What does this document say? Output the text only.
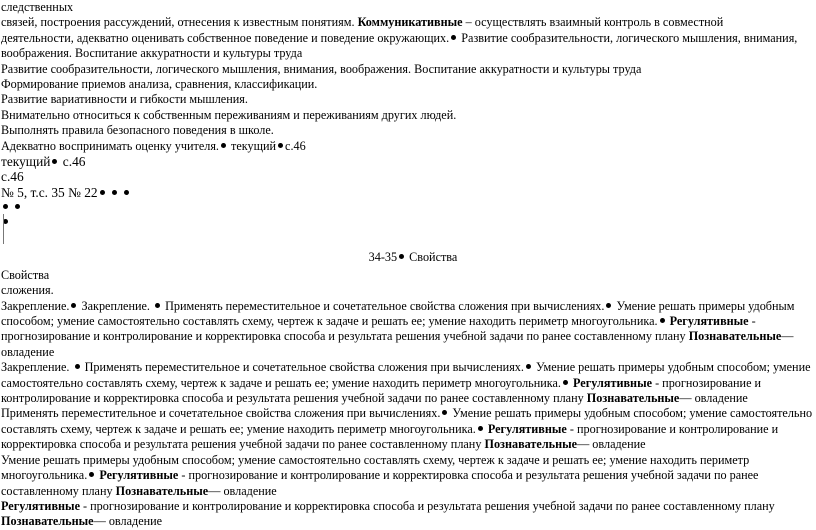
следственных
связей, построения рассуждений, отнесения к известным понятиям. Коммуникативные – осуществлять взаимный контроль в совместной
деятельности, адекватно оценивать собственное поведение и поведение окружающих. Развитие сообразительности, логического мышления, внимания,
воображения. Воспитание аккуратности и культуры труда
Развитие сообразительности, логического мышления, внимания, воображения. Воспитание аккуратности и культуры труда
Формирование приемов анализа, сравнения, классификации.
Развитие вариативности и гибкости мышления.
Внимательно относиться к собственным переживаниям и переживаниям других людей.
Выполнять правила безопасного поведения в школе.
Адекватно воспринимать оценку учителя. текущий с.46
текущий с.46
с.46
№ 5, т.с. 35 № 22

34-35 Свойства
Свойства
сложения.
Закрепление. Закрепление.  Применять переместительное и сочетательное свойства сложения при вычислениях. Умение решать примеры удобным способом; умение самостоятельно составлять схему, чертеж к задаче и решать ее; умение находить периметр многоугольника. Регулятивные - прогнозирование и контролирование и корректировка способа и результата решения учебной задачи по ранее составленному плану Познавательные— овладение
Закрепление.  Применять переместительное и сочетательное свойства сложения при вычислениях. Умение решать примеры удобным способом; умение самостоятельно составлять схему, чертеж к задаче и решать ее; умение находить периметр многоугольника. Регулятивные - прогнозирование и контролирование и корректировка способа и результата решения учебной задачи по ранее составленному плану Познавательные— овладение
Применять переместительное и сочетательное свойства сложения при вычислениях. Умение решать примеры удобным способом; умение самостоятельно составлять схему, чертеж к задаче и решать ее; умение находить периметр многоугольника. Регулятивные - прогнозирование и контролирование и корректировка способа и результата решения учебной задачи по ранее составленному плану Познавательные— овладение
Умение решать примеры удобным способом; умение самостоятельно составлять схему, чертеж к задаче и решать ее; умение находить периметр многоугольника. Регулятивные - прогнозирование и контролирование и корректировка способа и результата решения учебной задачи по ранее составленному плану Познавательные— овладение
Регулятивные - прогнозирование и контролирование и корректировка способа и результата решения учебной задачи по ранее составленному плану Познавательные— овладение
